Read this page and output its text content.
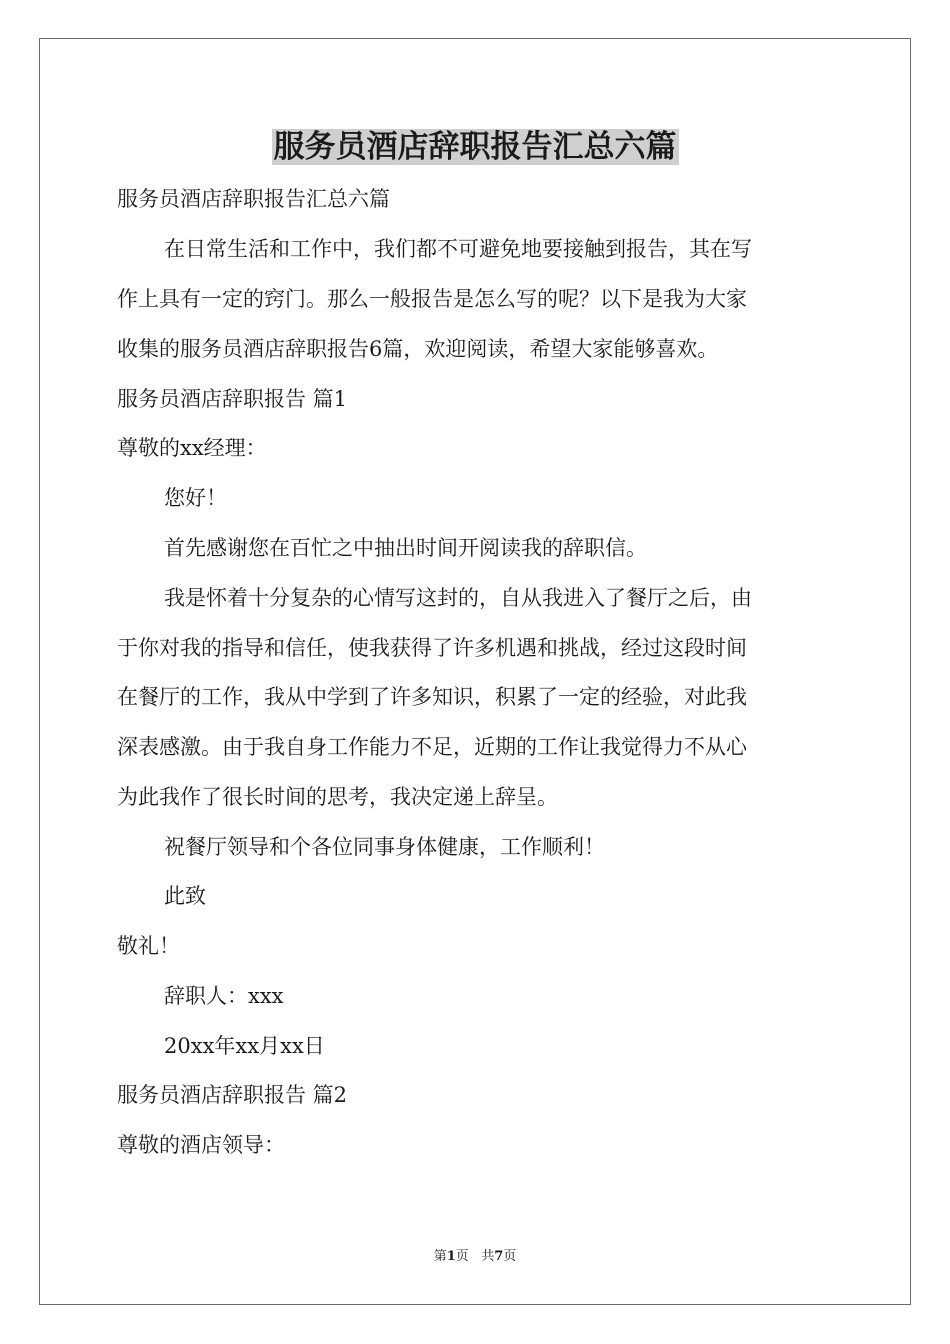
服务员酒店辞职报告汇总六篇

服务员酒店辞职报告汇总六篇

在日常生活和工作中，我们都不可避免地要接触到报告，其在写

作上具有一定的窍门。那么一般报告是怎么写的呢？以下是我为大家

收集的服务员酒店辞职报告6篇，欢迎阅读，希望大家能够喜欢。

服务员酒店辞职报告 篇1

尊敬的xx经理：

您好！

首先感谢您在百忙之中抽出时间开阅读我的辞职信。

我是怀着十分复杂的心情写这封的，自从我进入了餐厅之后，由

于你对我的指导和信任，使我获得了许多机遇和挑战，经过这段时间

在餐厅的工作，我从中学到了许多知识，积累了一定的经验，对此我

深表感激。由于我自身工作能力不足，近期的工作让我觉得力不从心

为此我作了很长时间的思考，我决定递上辞呈。

祝餐厅领导和个各位同事身体健康，工作顺利！

此致

敬礼！

辞职人：xxx

20xx年xx月xx日

服务员酒店辞职报告 篇2

尊敬的酒店领导：

第1页 共7页
